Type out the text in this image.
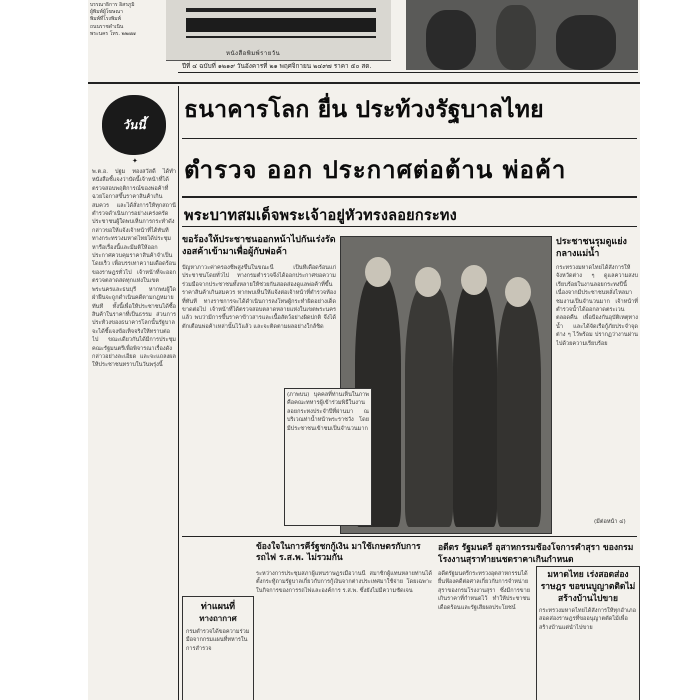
บรรณาธิการ อิสรภูมิ
ผู้พิมพ์ผู้โฆษณา
พิมพ์ที่โรงพิมพ์
ถนนราชดำเนิน
พระนคร โทร. ๒๒๗๗
หนังสือพิมพ์รายวัน
ปีที่ ๔ ฉบับที่ ๑๒๑๙ วันอังคารที่ ๒๑ พฤศจิกายน ๒๔๙๗ ราคา ๕๐ สต.
วันนี้
✦
พ.ต.อ. ปฐม ทองสวัสดิ์ ได้ทำหนังสือชี้แจงว่าบัดนี้เจ้าหน้าที่ได้ตรวจสอบพฤติการณ์ของพ่อค้าที่ฉวยโอกาสขึ้นราคาสินค้าเกินสมควร และได้สั่งการให้ทุกสถานีตำรวจดำเนินการอย่างเคร่งครัด ประชาชนผู้ใดพบเห็นการกระทำดังกล่าวขอให้แจ้งเจ้าหน้าที่ได้ทันที ทางกระทรวงมหาดไทยได้ประชุมหารือเรื่องนี้และมีมติให้ออกประกาศควบคุมราคาสินค้าจำเป็นโดยเร็ว เพื่อบรรเทาความเดือดร้อนของราษฎรทั่วไป เจ้าหน้าที่จะออกตรวจตลาดสดทุกแห่งในเขตพระนครและธนบุรี หากพบผู้ใดฝ่าฝืนจะถูกดำเนินคดีตามกฎหมายทันที ทั้งนี้เพื่อให้ประชาชนได้ซื้อสินค้าในราคาที่เป็นธรรม ส่วนการประท้วงของธนาคารโลกนั้นรัฐบาลจะได้ชี้แจงข้อเท็จจริงให้ทราบต่อไป ขณะเดียวกันได้มีการประชุมคณะรัฐมนตรีเพื่อพิจารณาเรื่องดังกล่าวอย่างละเอียด และจะแถลงผลให้ประชาชนทราบในวันพรุ่งนี้
ธนาคารโลก ยื่น ประท้วงรัฐบาลไทย
ตำรวจ ออก ประกาศต่อต้าน พ่อค้า
พระบาทสมเด็จพระเจ้าอยู่หัวทรงลอยกระทง
ขอร้องให้ประชาชนออกหน้าไปกันเร่งรัดงอสค้าเข้ามาเพื่อผู้กับพ่อค้า
ปัญหาภาวะค่าครองชีพสูงขึ้นในขณะนี้ เป็นที่เดือดร้อนแก่ประชาชนโดยทั่วไป ทางกรมตำรวจจึงได้ออกประกาศขอความร่วมมือจากประชาชนทั้งหลายให้ช่วยกันสอดส่องดูแลพ่อค้าที่ขึ้นราคาสินค้าเกินสมควร หากพบเห็นให้แจ้งต่อเจ้าหน้าที่ตำรวจท้องที่ทันที ทางราชการจะได้ดำเนินการลงโทษผู้กระทำผิดอย่างเด็ดขาดต่อไป เจ้าหน้าที่ได้ตรวจสอบตลาดหลายแห่งในเขตพระนครแล้ว พบว่ามีการขึ้นราคาข้าวสารและเนื้อสัตว์อย่างผิดปกติ จึงได้ตักเตือนพ่อค้าเหล่านั้นไว้แล้ว และจะติดตามผลอย่างใกล้ชิด
(ภาพบน) บุคคลที่ท่านเห็นในภาพคือคณะทหารผู้เข้าร่วมพิธีในงานลอยกระทงประจำปีที่ผ่านมา ณ บริเวณท่าน้ำหน้าพระราชวัง โดยมีประชาชนเข้าชมเป็นจำนวนมาก
ประชาชนรุมดูแย่งกลางแม่น้ำ
กระทรวงมหาดไทยได้สั่งการให้จังหวัดต่าง ๆ ดูแลความสงบเรียบร้อยในงานลอยกระทงปีนี้ เนื่องจากมีประชาชนหลั่งไหลมาชมงานเป็นจำนวนมาก เจ้าหน้าที่ตำรวจน้ำได้ออกลาดตระเวนตลอดคืน เพื่อป้องกันอุบัติเหตุทางน้ำ และได้จัดเรือกู้ภัยประจำจุดต่าง ๆ ไว้พร้อม ปรากฏว่างานผ่านไปด้วยความเรียบร้อย
(มีต่อหน้า ๔)
ข้องใจในการคีร์ฐชกกู้เงิน มาใช้เกษตรกับการรถไฟ ร.ส.พ. ไม่รวมกัน
ระหว่างการประชุมสภาผู้แทนราษฎรเมื่อวานนี้ สมาชิกผู้แทนหลายท่านได้ตั้งกระทู้ถามรัฐบาลเกี่ยวกับการกู้เงินจากต่างประเทศมาใช้จ่าย โดยเฉพาะในกิจการของการรถไฟและองค์การ ร.ส.พ. ซึ่งยังไม่มีความชัดเจน
อดีตร รัฐมนตรี อุสาหกรรมช้องโจการคำสุรา ของกรมโรงงานสุราทำยนชดราคาเกินกำหนด
อดีตรัฐมนตรีกระทรวงอุตสาหกรรมได้ยื่นฟ้องคดีต่อศาลเกี่ยวกับการจำหน่ายสุราของกรมโรงงานสุรา ซึ่งมีการขายเกินราคาที่กำหนดไว้ ทำให้ประชาชนเดือดร้อนและรัฐเสียผลประโยชน์
มหาดไทย เร่งสอดส่องราษฎร ขอขนบูญาตติดไม่สร้างบ้านไปขาย
กระทรวงมหาดไทยได้สั่งการให้ทุกอำเภอสอดส่องราษฎรที่ขออนุญาตตัดไม้เพื่อสร้างบ้านแต่นำไปขาย
ท่าแผนที่
ทางถากาศ
กรมตำรวจได้ขอความร่วมมือจากกรมแผนที่ทหารในการสำรวจ
